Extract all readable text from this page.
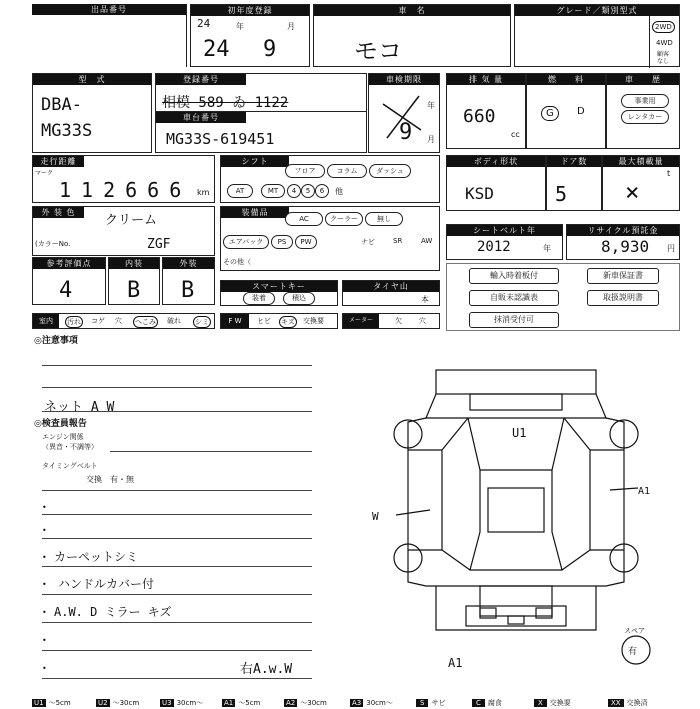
出品番号	初年度登録
24	年	月
24 9
車　名
モコ
グレード／類別型式
2WD
4WD
顧客
なし
型　式
DBA-
MG33S
登録番号
相模 589 ゐ 1122
車台番号
MG33S-619451
車検期限
年
月
9
排 気 量
660
cc
燃　　料
G	D
車　　歴
事業用
レンタカー
走行距離
マーク
112666 km
シフト
フロア	コラム	ダッシュ
AT	MT	4	5	6	他
ボディ形状
KSD
ドア数
5
最大積載量
t
×
外 装 色
クリーム
(カラーNo.	ZGF
装備品
AC	クーラー	無し
エアバック	PS	PW	ナビ	SR	AW
その他（
シートベルト年
2012	年
リサイクル預託金
8,930 円
参考評価点
4
内装
B
外装
B	スマートキー
装着	積込
タイヤ山
本
輸入時着板付	新車保証書
自販未認識表	取扱説明書
抹消受付可
室内	汚れ コゲ 穴 へこみ 破れ シミ	F W	ヒビ キズ 交換要	メーター	欠 穴
◎注意事項
ネット A W
◎検査員報告
エンジン関係
（異音・不調等）
タイミングベルト
交換　有・無
•
•
• カーペットシミ
• ハンドルカバー付
• A.W. D ミラー キズ
•
•	右A.w.W
U1
W
A1
A1
スペア
有
U1 〜5cm	U2 〜30cm	U3 30cm〜	A1 〜5cm	A2 〜30cm	A3 30cm〜	S サビ	C 腐食	X 交換要	XX 交換済
